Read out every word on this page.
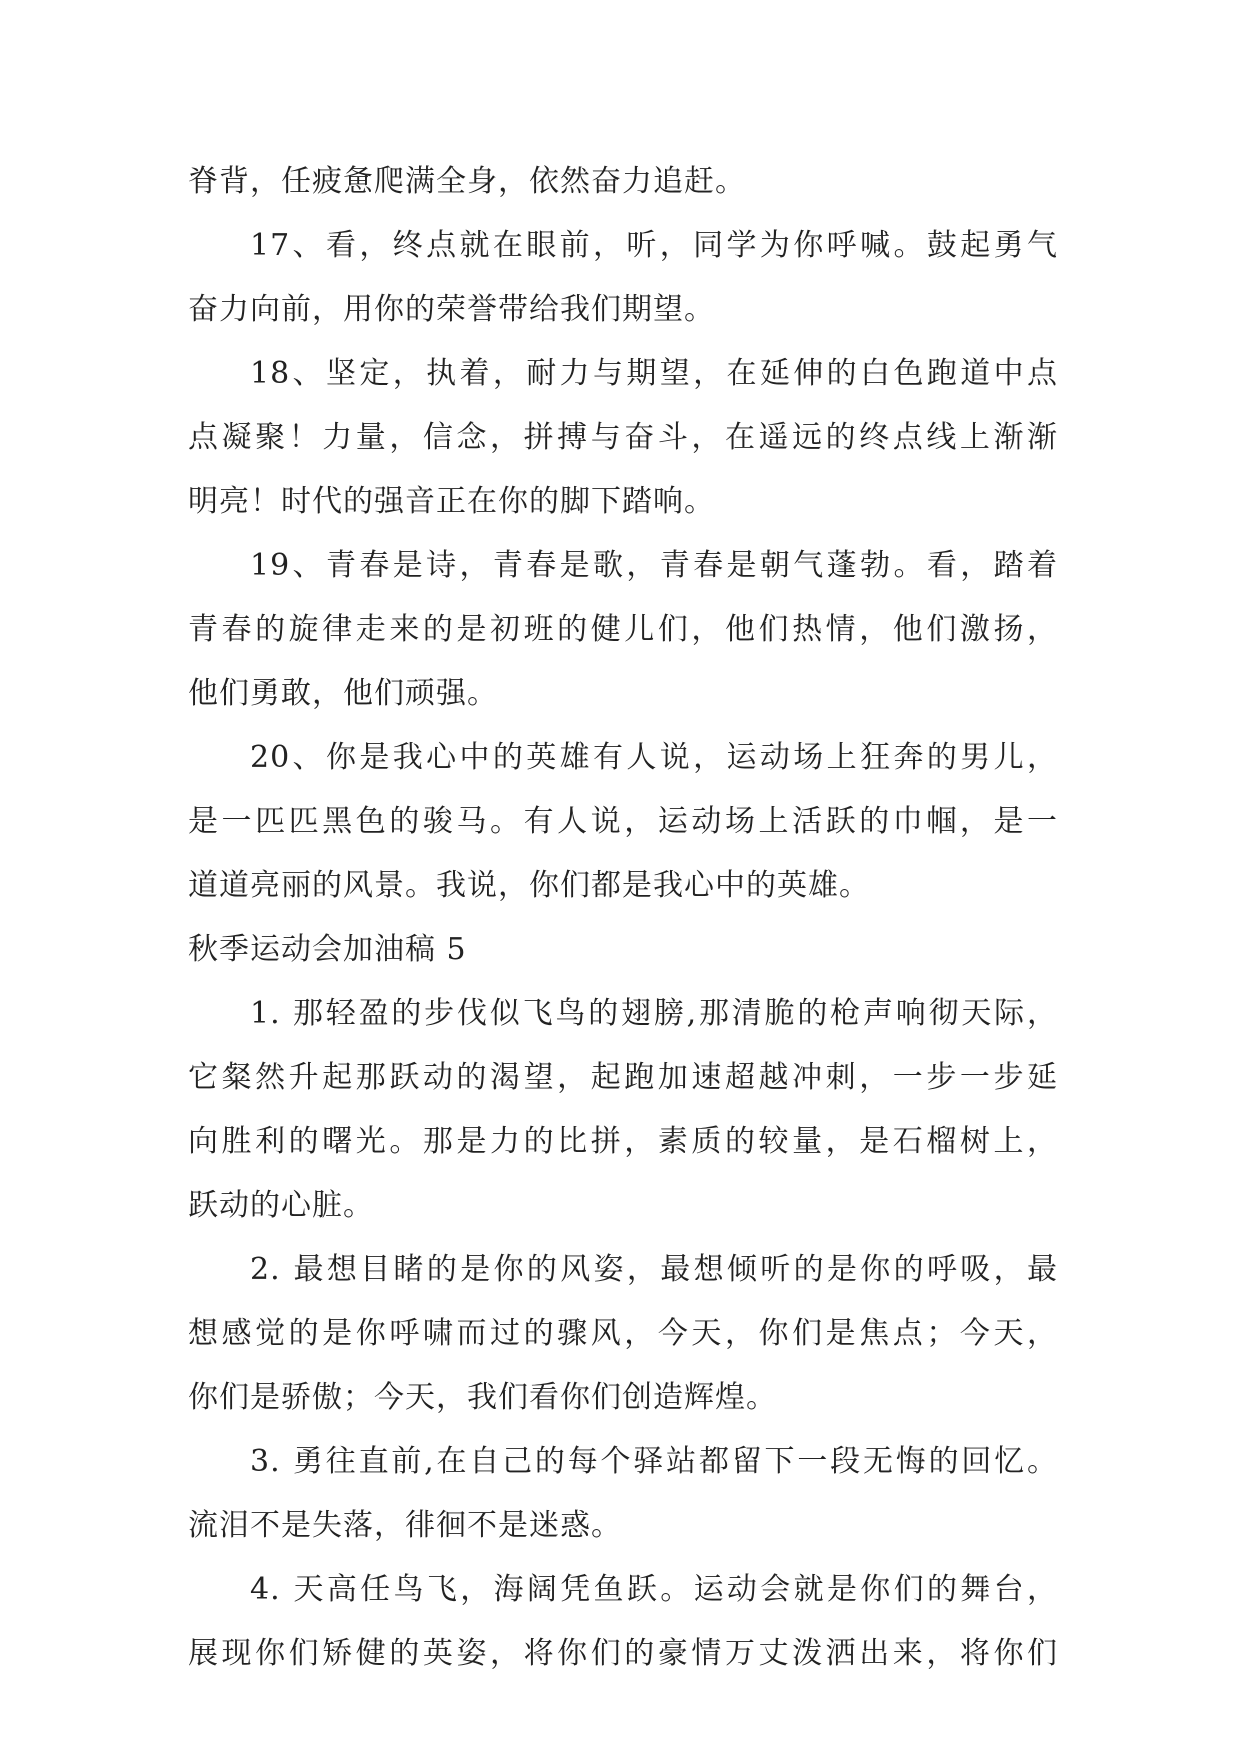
脊背，任疲惫爬满全身，依然奋力追赶。
17、看，终点就在眼前，听，同学为你呼喊。鼓起勇气
奋力向前，用你的荣誉带给我们期望。
18、坚定，执着，耐力与期望，在延伸的白色跑道中点
点凝聚！力量，信念，拼搏与奋斗，在遥远的终点线上渐渐
明亮！时代的强音正在你的脚下踏响。
19、青春是诗，青春是歌，青春是朝气蓬勃。看，踏着
青春的旋律走来的是初班的健儿们，他们热情，他们激扬，
他们勇敢，他们顽强。
20、你是我心中的英雄有人说，运动场上狂奔的男儿，
是一匹匹黑色的骏马。有人说，运动场上活跃的巾帼，是一
道道亮丽的风景。我说，你们都是我心中的英雄。
秋季运动会加油稿 5
1. 那轻盈的步伐似飞鸟的翅膀,那清脆的枪声响彻天际，
它粲然升起那跃动的渴望，起跑加速超越冲刺，一步一步延
向胜利的曙光。那是力的比拼，素质的较量，是石榴树上，
跃动的心脏。
2. 最想目睹的是你的风姿，最想倾听的是你的呼吸，最
想感觉的是你呼啸而过的骤风，今天，你们是焦点；今天，
你们是骄傲；今天，我们看你们创造辉煌。
3. 勇往直前,在自己的每个驿站都留下一段无悔的回忆。
流泪不是失落，徘徊不是迷惑。
4. 天高任鸟飞，海阔凭鱼跃。运动会就是你们的舞台，
展现你们矫健的英姿，将你们的豪情万丈泼洒出来，将你们
